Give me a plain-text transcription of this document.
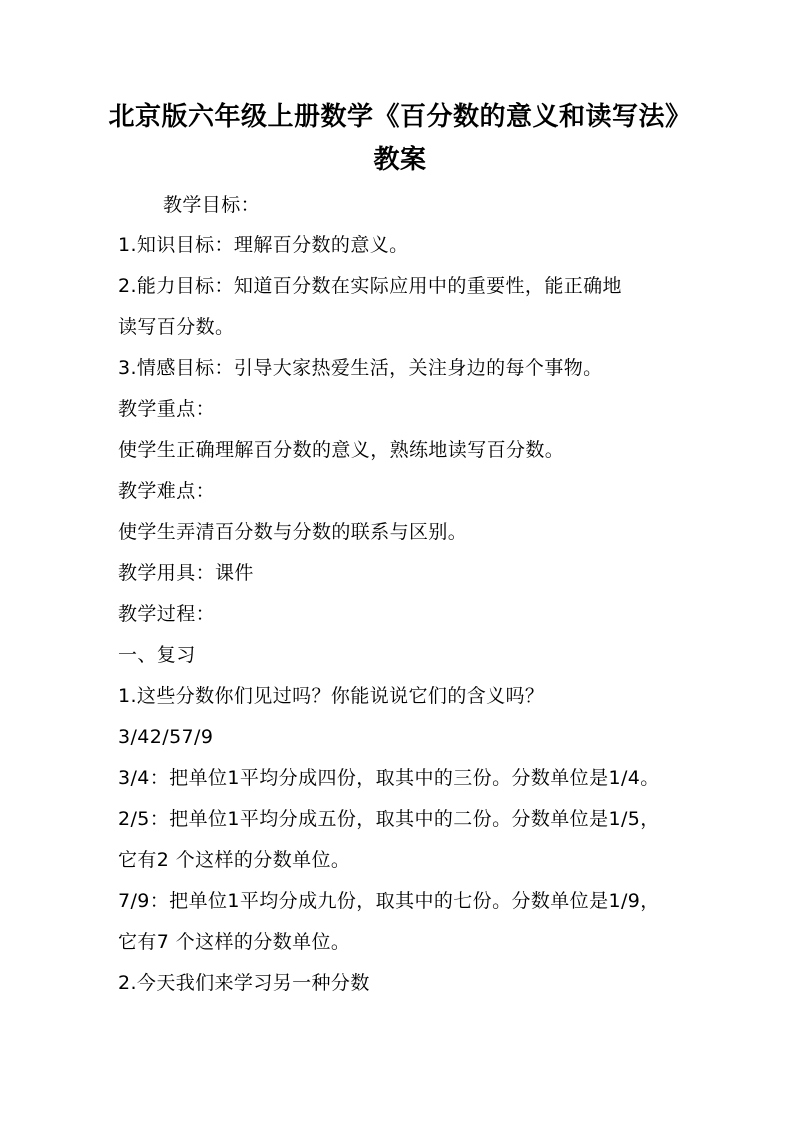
北京版六年级上册数学《百分数的意义和读写法》
教案
教学目标：
1.知识目标：理解百分数的意义。
2.能力目标：知道百分数在实际应用中的重要性，能正确地
读写百分数。
3.情感目标：引导大家热爱生活，关注身边的每个事物。
教学重点：
使学生正确理解百分数的意义，熟练地读写百分数。
教学难点：
使学生弄清百分数与分数的联系与区别。
教学用具：课件
教学过程：
一、复习
1.这些分数你们见过吗？你能说说它们的含义吗？
3/42/57/9
3/4：把单位1平均分成四份，取其中的三份。分数单位是1/4。
2/5：把单位1平均分成五份，取其中的二份。分数单位是1/5，
它有2 个这样的分数单位。
7/9：把单位1平均分成九份，取其中的七份。分数单位是1/9，
它有7 个这样的分数单位。
2.今天我们来学习另一种分数
